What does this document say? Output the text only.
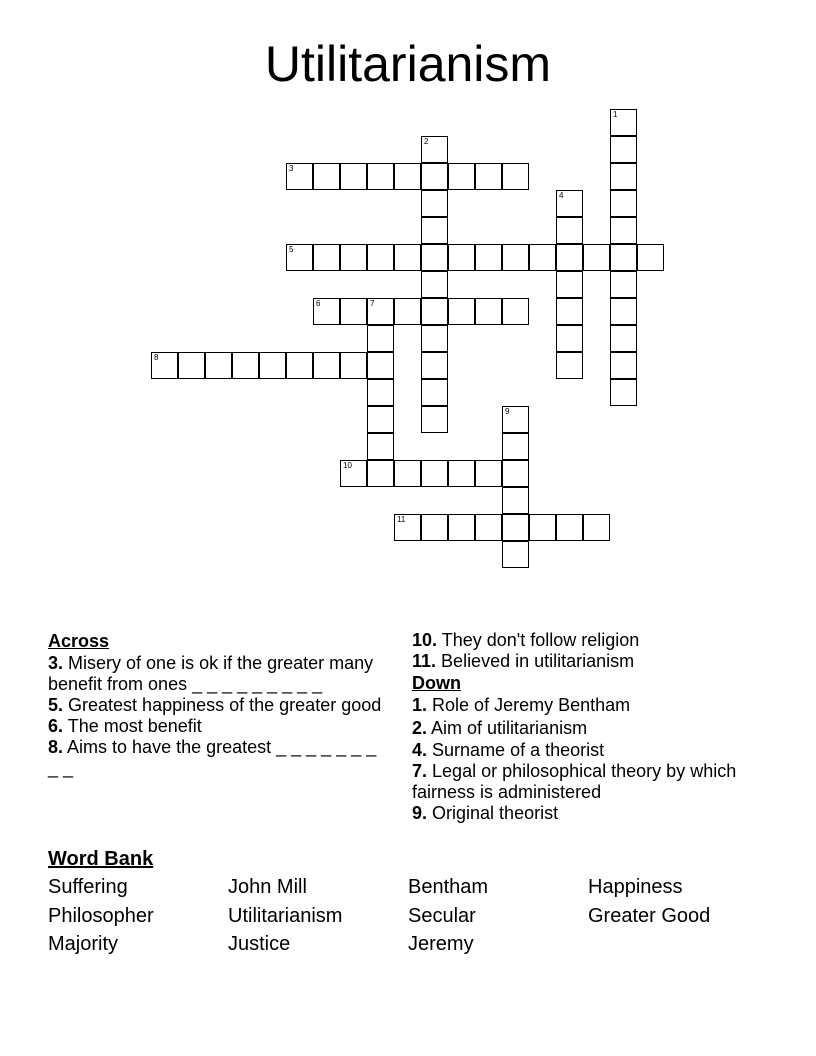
Utilitarianism
1
2
3
4
5
6	7
8
9
10
11
Across

3. Misery of one is ok if the greater many benefit from ones _ _ _ _ _ _ _ _ _

5. Greatest happiness of the greater good

6. The most benefit

8. Aims to have the greatest _ _ _ _ _ _ _ _ _

10. They don't follow religion

11. Believed in utilitarianism

Down

1. Role of Jeremy Bentham

2. Aim of utilitarianism

4. Surname of a theorist

7. Legal or philosophical theory by which fairness is administered

9. Original theorist

Word Bank
Suffering	John Mill	Bentham	Happiness
Philosopher	Utilitarianism	Secular	Greater Good
Majority	Justice	Jeremy
